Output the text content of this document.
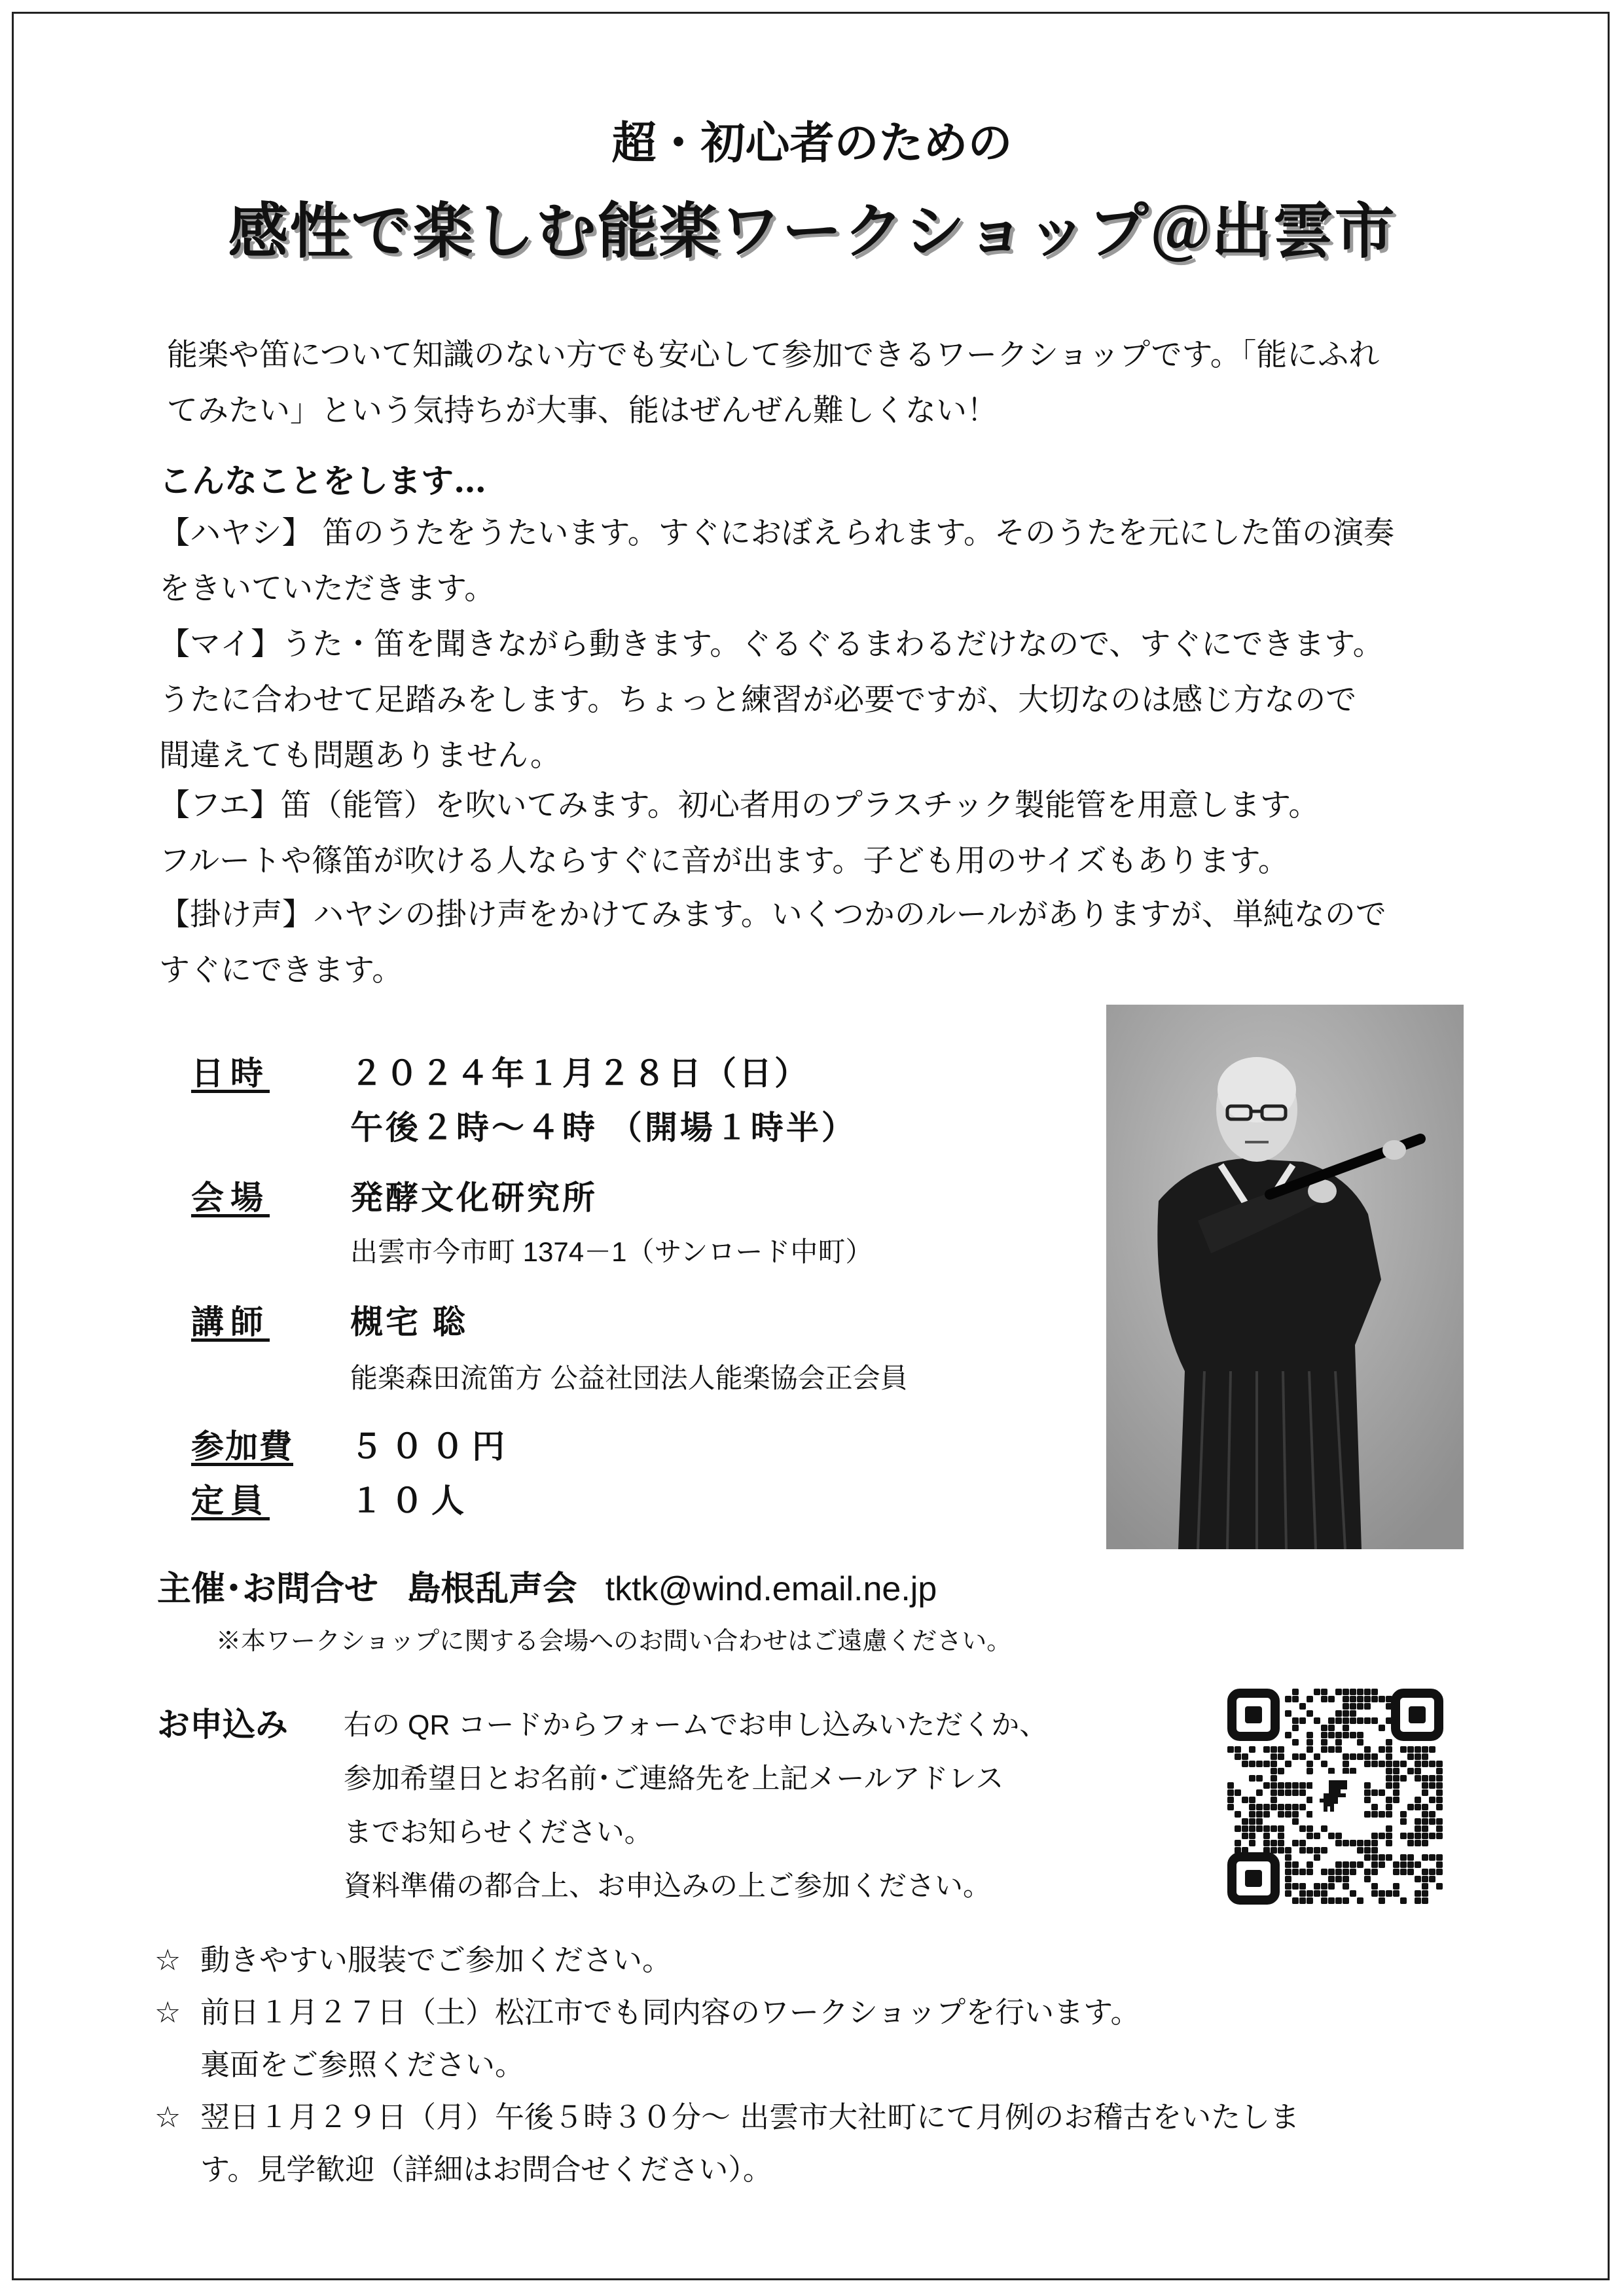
超・初心者のための
感性で楽しむ能楽ワークショップ＠出雲市
能楽や笛について知識のない方でも安心して参加できるワークショップです。「能にふれ
てみたい」という気持ちが大事、能はぜんぜん難しくない！
こんなことをします…
【ハヤシ】 笛のうたをうたいます。すぐにおぼえられます。そのうたを元にした笛の演奏
をきいていただきます。
【マイ】うた・笛を聞きながら動きます。ぐるぐるまわるだけなので、すぐにできます。
うたに合わせて足踏みをします。ちょっと練習が必要ですが、大切なのは感じ方なので
間違えても問題ありません。
【フエ】笛（能管）を吹いてみます。初心者用のプラスチック製能管を用意します。
フルートや篠笛が吹ける人ならすぐに音が出ます。子ども用のサイズもあります。
【掛け声】ハヤシの掛け声をかけてみます。いくつかのルールがありますが、単純なので
すぐにできます。
日時 ２０２４年１月２８日（日）
午後２時～４時 （開場１時半）
会場 発酵文化研究所
出雲市今市町 1374－1（サンロード中町）
講師 槻宅 聡
能楽森田流笛方 公益社団法人能楽協会正会員
参加費 ５００円
定員 １０人
主催･お問合せ 島根乱声会 tktk@wind.email.ne.jp
※本ワークショップに関する会場へのお問い合わせはご遠慮ください。
お申込み 右の QR コードからフォームでお申し込みいただくか、
参加希望日とお名前･ご連絡先を上記メールアドレス
までお知らせください。
資料準備の都合上、お申込みの上ご参加ください。
☆ 動きやすい服装でご参加ください。
☆ 前日１月２７日（土）松江市でも同内容のワークショップを行います。
裏面をご参照ください。
☆ 翌日１月２９日（月）午後５時３０分～ 出雲市大社町にて月例のお稽古をいたしま
す。見学歓迎（詳細はお問合せください）。
